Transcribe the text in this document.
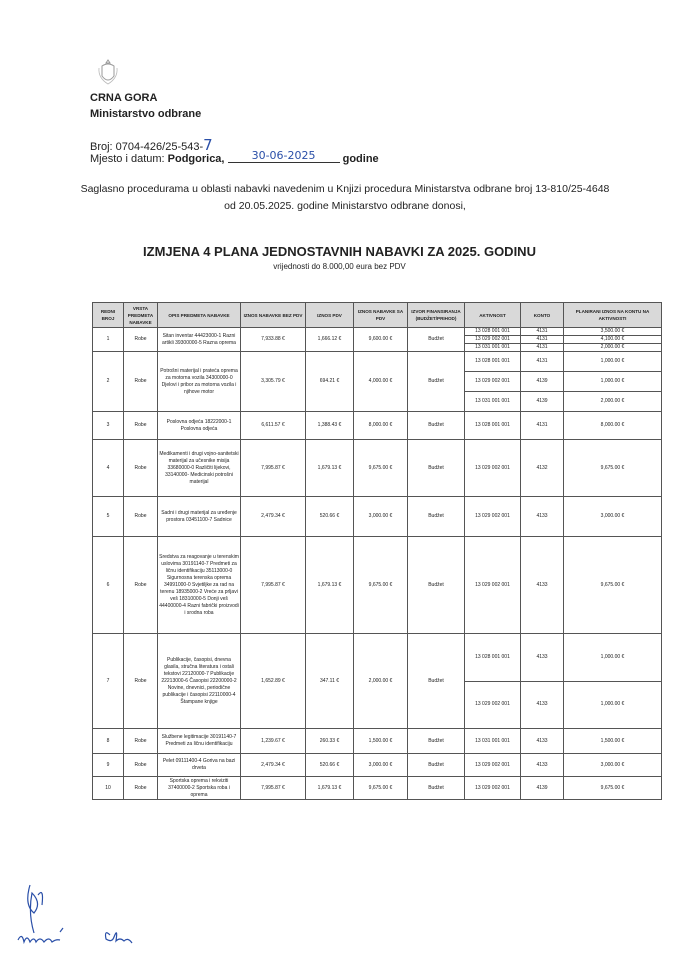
CRNA GORA
Ministarstvo odbrane
Broj: 0704-426/25-543-7
Mjesto i datum: Podgorica, 30-06-2025 godine
Saglasno procedurama u oblasti nabavki navedenim u Knjizi procedura Ministarstva odbrane broj 13-810/25-4648 od 20.05.2025. godine Ministarstvo odbrane donosi,
IZMJENA 4 PLANA JEDNOSTAVNIH NABAVKI ZA 2025. GODINU
vrijednosti do 8.000,00 eura bez PDV
REDNI BROJ	VRSTA PREDMETA NABAVKE	OPIS PREDMETA NABAVKE	IZNOS NABAVKE BEZ PDV	IZNOS PDV	IZNOS NABAVKE SA PDV	IZVOR FINANSIRANJA (BUDŽET/PRIHOD)	AKTIVNOST	KONTO	PLANIRANI IZNOS NA KONTU NA AKTIVNOSTI
1	Robe	Sitan inventar 44423000-1 Razni artikli 39300000-5 Razna oprema	7,933.88 €	1,666.12 €	9,600.00 €	Budžet	13 028 001 001	4131	3,500.00 €
							13 029 002 001	4131	4,100.00 €
							13 031 001 001	4131	2,000.00 €
2	Robe	Potrošni materijal i prateća oprema za motorna vozila 34300000-0 Djelovi i pribor za motorna vozila i njihove motor	3,305.79 €	694.21 €	4,000.00 €	Budžet	13 028 001 001	4131	1,000.00 €
							13 029 002 001	4139	1,000.00 €
							13 031 001 001	4139	2,000.00 €
3	Robe	Poslovna odjeća 18222000-1 Poslovna odjeća	6,611.57 €	1,388.43 €	8,000.00 €	Budžet	13 028 001 001	4131	8,000.00 €
4	Robe	Medikamenti i drugi vojno-sanitetski materijal za učesnike misija 33680000-0 Različiti lijekovi, 33140000- Medicinski potrošni materijal	7,995.87 €	1,679.13 €	9,675.00 €	Budžet	13 029 002 001	4132	9,675.00 €
5	Robe	Sadni i drugi materijal za uređenje prostora 03451100-7 Sadnice	2,479.34 €	520.66 €	3,000.00 €	Budžet	13 029 002 001	4133	3,000.00 €
6	Robe	Sredstva za reagovanje u terenskim uslovima 30191140-7 Predmeti za ličnu identifikaciju 35113000-0 Sigurnosna terenska oprema 34991000-0 Svjetiljke za rad na terenu 18935000-2 Vreće za prljavi veš 18310000-5 Donji veš 44400000-4 Razni fabrički proizvodi i srodna roba	7,995.87 €	1,679.13 €	9,675.00 €	Budžet	13 029 002 001	4133	9,675.00 €
7	Robe	Publikacije, časopisi, dnevna glasila, stručna literatura i ostali tekstovi 22120000-7 Publikacije 22213000-6 Časopisi 22200000-2 Novine, dnevnici, periodične publikacije i časopisi 22110000-4 Štampane knjige	1,652.89 €	347.11 €	2,000.00 €	Budžet	13 028 001 001	4133	1,000.00 €
							13 029 002 001	4133	1,000.00 €
8	Robe	Službene legitimacije 30191140-7 Predmeti za ličnu identifikaciju	1,239.67 €	260.33 €	1,500.00 €	Budžet	13 031 001 001	4133	1,500.00 €
9	Robe	Pelet 09111400-4 Goriva na bazi drveta	2,479.34 €	520.66 €	3,000.00 €	Budžet	13 029 002 001	4133	3,000.00 €
10	Robe	Sportska oprema i rekviziti 37400000-2 Sportska roba i oprema	7,995.87 €	1,679.13 €	9,675.00 €	Budžet	13 029 002 001	4139	9,675.00 €
